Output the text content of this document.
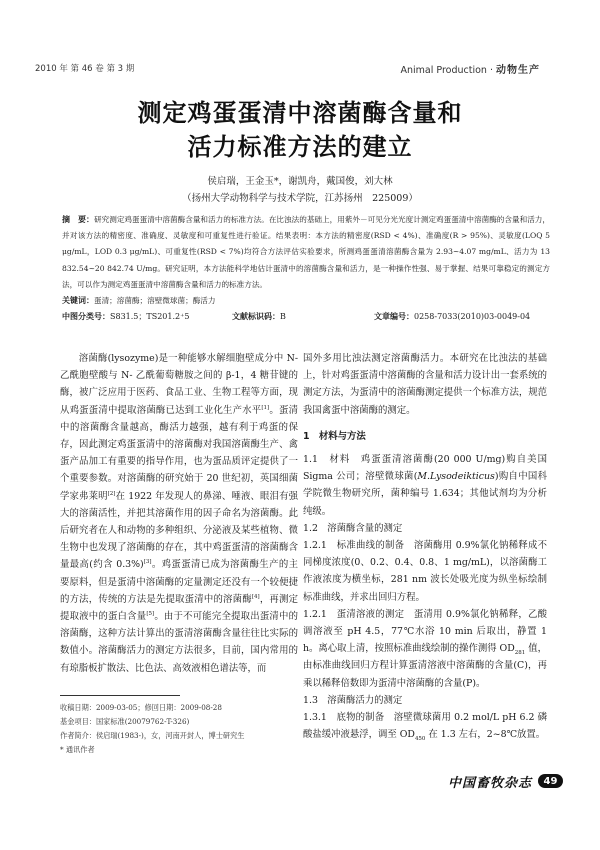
2010 年 第 46 卷 第 3 期	Animal Production · 动物生产
测定鸡蛋蛋清中溶菌酶含量和
活力标准方法的建立
侯启瑞，王金玉*，谢凯舟，戴国俊，刘大林
（扬州大学动物科学与技术学院，江苏扬州　225009）
摘　要：研究测定鸡蛋蛋清中溶菌酶含量和活力的标准方法。在比浊法的基础上，用紫外－可见分光光度计测定鸡蛋蛋清中溶菌酶的含量和活力，并对该方法的精密度、准确度、灵敏度和可重复性进行验证。结果表明：本方法的精密度(RSD < 4%)、准确度(R > 95%)、灵敏度(LOQ 5 μg/mL，LOD 0.3 μg/mL)、可重复性(RSD < 7%)均符合方法评估实验要求，所测鸡蛋蛋清溶菌酶含量为 2.93~4.07 mg/mL、活力为 13 832.54~20 842.74 U/mg。研究证明，本方法能科学地估计蛋清中的溶菌酶含量和活力，是一种操作性强、易于掌握、结果可靠稳定的测定方法，可以作为测定鸡蛋蛋清中溶菌酶含量和活力的标准方法。
关键词：蛋清；溶菌酶；溶壁微球菌；酶活力
中图分类号：S831.5；TS201.2⁺5	文献标识码：B	文章编号：0258-7033(2010)03-0049-04

溶菌酶(lysozyme)是一种能够水解细胞壁成分中 N- 乙酰胞壁酸与 N- 乙酰葡萄糖胺之间的 β-1，4 糖苷键的酶，被广泛应用于医药、食品工业、生物工程等方面，现从鸡蛋蛋清中提取溶菌酶已达到工业化生产水平[1]。蛋清中的溶菌酶含量越高，酶活力越强，越有利于鸡蛋的保存，因此测定鸡蛋蛋清中的溶菌酶对我国溶菌酶生产、禽蛋产品加工有重要的指导作用，也为蛋品质评定提供了一个重要参数。对溶菌酶的研究始于 20 世纪初，英国细菌学家弗莱明[2]在 1922 年发现人的鼻涕、唾液、眼泪有强大的溶菌活性，并把其溶菌作用的因子命名为溶菌酶。此后研究者在人和动物的多种组织、分泌液及某些植物、微生物中也发现了溶菌酶的存在，其中鸡蛋蛋清的溶菌酶含量最高(约含 0.3%)[3]。鸡蛋蛋清已成为溶菌酶生产的主要原料，但是蛋清中溶菌酶的定量测定还没有一个较便捷的方法，传统的方法是先提取蛋清中的溶菌酶[4]，再测定提取液中的蛋白含量[5]。由于不可能完全提取出蛋清中的溶菌酶，这种方法计算出的蛋清溶菌酶含量往往比实际的数值小。溶菌酶活力的测定方法很多，目前，国内常用的有琼脂板扩散法、比色法、高效液相色谱法等，而

收稿日期：2009-03-05；修回日期：2009-08-28

基金项目：国家标准(20079762-T-326)

作者简介：侯启瑞(1983-)，女，河南开封人，博士研究生

* 通讯作者

国外多用比浊法测定溶菌酶活力。本研究在比浊法的基础上，针对鸡蛋蛋清中溶菌酶的含量和活力设计出一套系统的测定方法，为蛋清中的溶菌酶测定提供一个标准方法，规范我国禽蛋中溶菌酶的测定。

1　材料与方法

1.1　材料　鸡蛋蛋清溶菌酶(20 000 U/mg)购自美国 Sigma 公司；溶壁微球菌(M.Lysodeikticus)购自中国科学院微生物研究所，菌种编号 1.634；其他试剂均为分析纯级。

1.2　溶菌酶含量的测定

1.2.1　标准曲线的制备　溶菌酶用 0.9%氯化钠稀释成不同梯度浓度(0、0.2、0.4、0.8、1 mg/mL)，以溶菌酶工作液浓度为横坐标，281 nm 波长处吸光度为纵坐标绘制标准曲线，并求出回归方程。

1.2.1　蛋清溶液的测定　蛋清用 0.9%氯化钠稀释，乙酸调溶液至 pH 4.5，77℃水浴 10 min 后取出，静置 1 h。离心取上清，按照标准曲线绘制的操作测得 $OD_{281}$ 值，由标准曲线回归方程计算蛋清溶液中溶菌酶的含量(C)，再乘以稀释倍数即为蛋清中溶菌酶的含量(P)。

1.3　溶菌酶活力的测定

1.3.1　底物的制备　溶壁微球菌用 0.2 mol/L pH 6.2 磷酸盐缓冲液悬浮，调至 $OD_{450}$ 在 1.3 左右，2~8℃放置。

中国畜牧杂志	49
